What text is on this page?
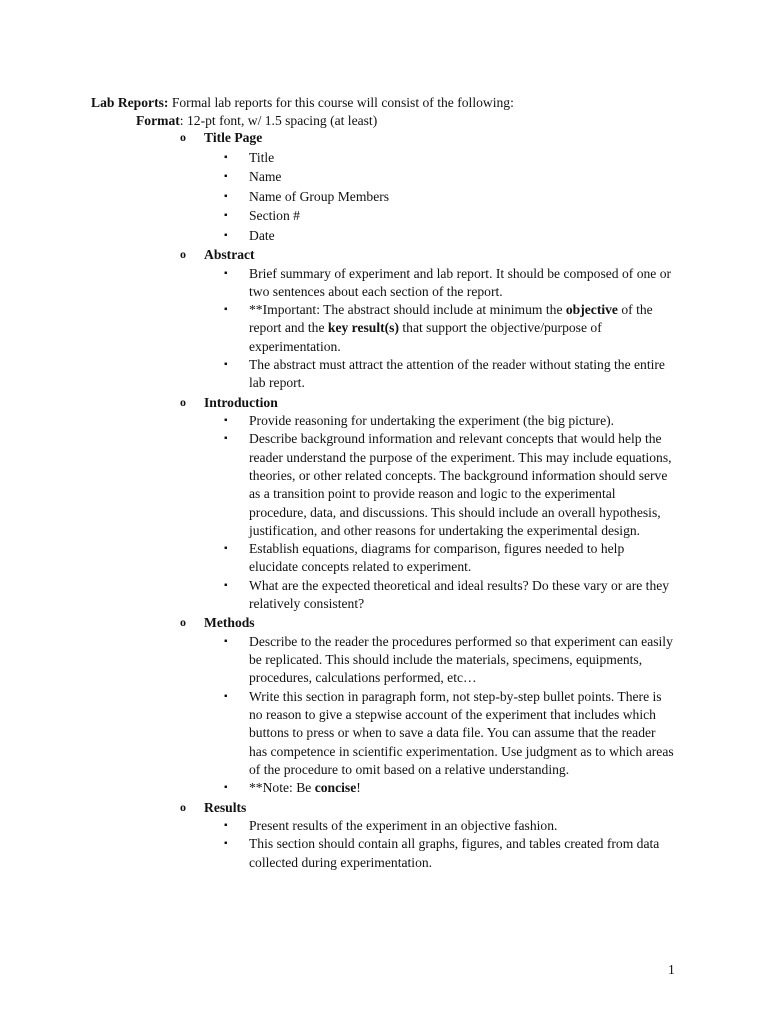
Lab Reports: Formal lab reports for this course will consist of the following:
Format: 12-pt font, w/ 1.5 spacing (at least)
o Title Page
▪ Title
▪ Name
▪ Name of Group Members
▪ Section #
▪ Date
o Abstract
▪ Brief summary of experiment and lab report. It should be composed of one or two sentences about each section of the report.
▪ **Important: The abstract should include at minimum the objective of the report and the key result(s) that support the objective/purpose of experimentation.
▪ The abstract must attract the attention of the reader without stating the entire lab report.
o Introduction
▪ Provide reasoning for undertaking the experiment (the big picture).
▪ Describe background information and relevant concepts that would help the reader understand the purpose of the experiment. This may include equations, theories, or other related concepts. The background information should serve as a transition point to provide reason and logic to the experimental procedure, data, and discussions. This should include an overall hypothesis, justification, and other reasons for undertaking the experimental design.
▪ Establish equations, diagrams for comparison, figures needed to help elucidate concepts related to experiment.
▪ What are the expected theoretical and ideal results? Do these vary or are they relatively consistent?
o Methods
▪ Describe to the reader the procedures performed so that experiment can easily be replicated. This should include the materials, specimens, equipments, procedures, calculations performed, etc…
▪ Write this section in paragraph form, not step-by-step bullet points. There is no reason to give a stepwise account of the experiment that includes which buttons to press or when to save a data file. You can assume that the reader has competence in scientific experimentation. Use judgment as to which areas of the procedure to omit based on a relative understanding.
▪ **Note: Be concise!
o Results
▪ Present results of the experiment in an objective fashion.
▪ This section should contain all graphs, figures, and tables created from data collected during experimentation.
1
